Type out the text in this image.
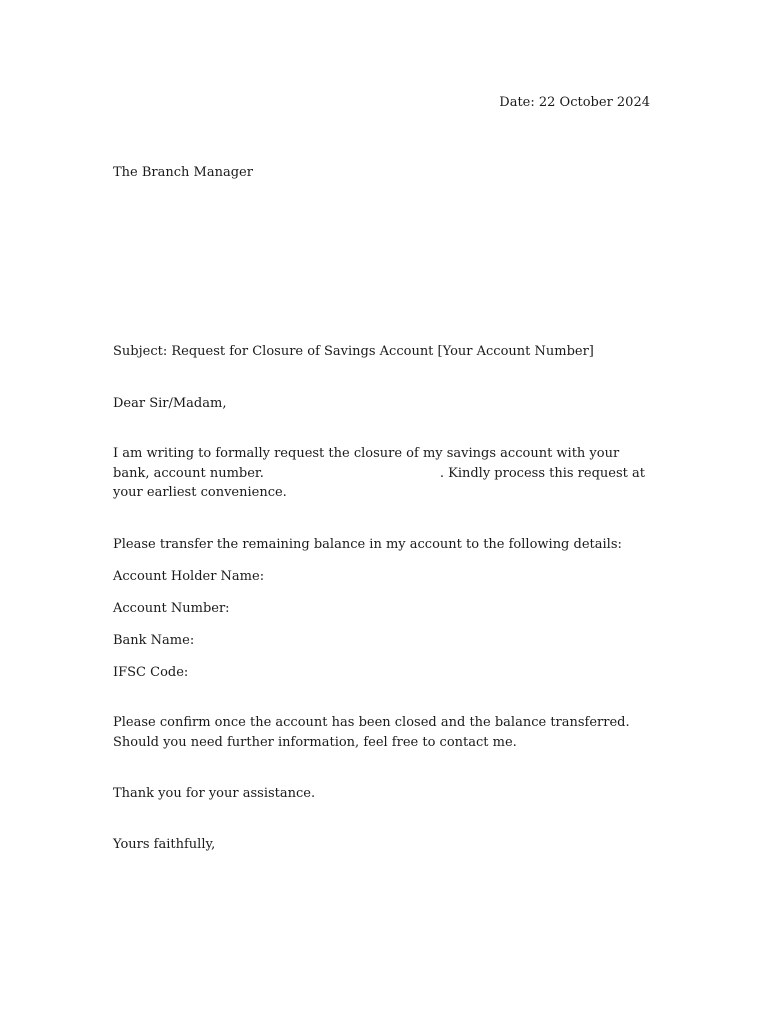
Date: 22 October 2024
The Branch Manager
Subject: Request for Closure of Savings Account [Your Account Number]
Dear Sir/Madam,
I am writing to formally request the closure of my savings account with your bank, account number.	. Kindly process this request at your earliest convenience.
Please transfer the remaining balance in my account to the following details:
Account Holder Name:
Account Number:
Bank Name:
IFSC Code:
Please confirm once the account has been closed and the balance transferred. Should you need further information, feel free to contact me.
Thank you for your assistance.
Yours faithfully,
